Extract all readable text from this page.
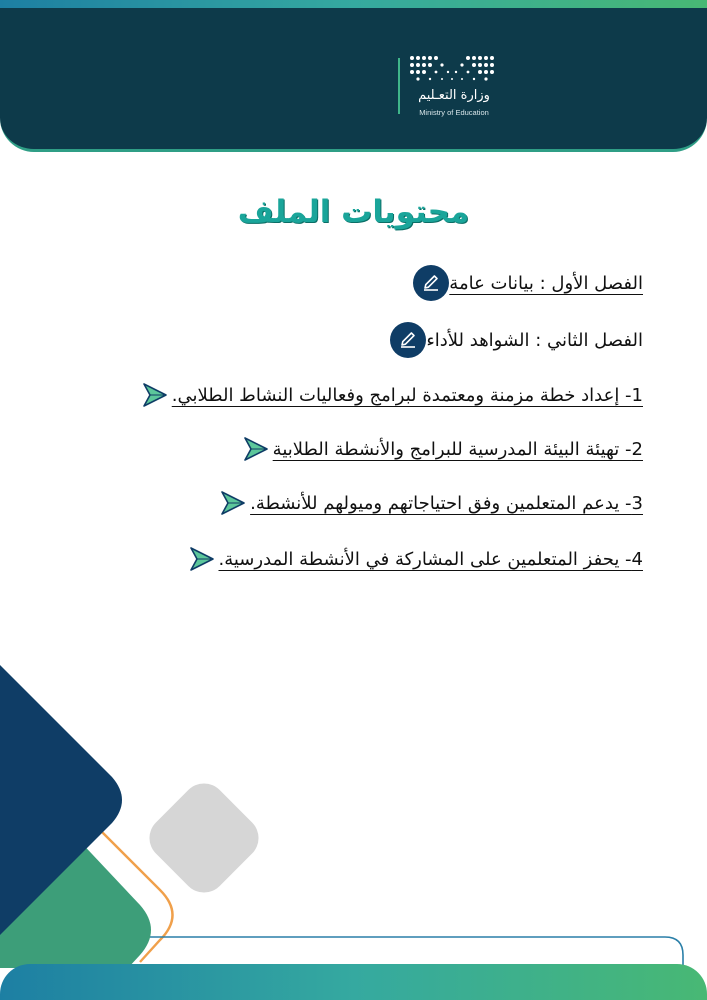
وزارة التعـليم
Ministry of Education
محتويات الملف
الفصل الأول : بيانات عامة
الفصل الثاني : الشواهد للأداء
1- إعداد خطة مزمنة ومعتمدة لبرامج وفعاليات النشاط الطلابي.
2- تهيئة البيئة المدرسية للبرامج والأنشطة الطلابية
3- يدعم المتعلمين وفق احتياجاتهم وميولهم للأنشطة.
4- يحفز المتعلمين على المشاركة في الأنشطة المدرسية.
